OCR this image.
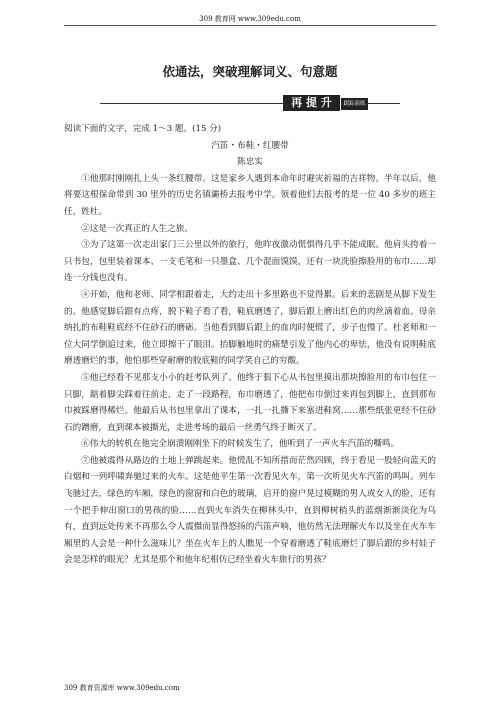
309 教育网 www.309edu.com
依通法，突破理解词义、句意题
再 提 升	跟踪演练

阅读下面的文字，完成 1～3 题。(15 分)

汽笛・布鞋・红腰带

陈忠实

①他那时刚刚扎上头一条红腰带。这是家乡人遇到本命年时避灾祈福的吉祥物。半年以后，他将要这根保命带到 30 里外的历史名镇灞桥去报考中学。领着他们去报考的是一位 40 多岁的班主任，姓杜。

②这是一次真正的人生之旅。

③为了这第一次走出家门三公里以外的旅行，他昨夜激动慌惧得几乎不能成眠。他肩头挎着一只书包，包里装着课本、一支毛笔和一只墨盒、几个混面馍馍，还有一块洗脸擦脸用的布巾……却连一分钱也没有。

④开始，他和老师、同学相跟着走，大约走出十多里路也不觉得累。后来的悲剧是从脚下发生的。他感觉脚后跟有点疼，脱下鞋子看了看，鞋底磨透了，脚后跟上磨出红色的肉丝滴着血。母亲纳扎的布鞋鞋底经不住砂石的磨砺。当他看到脚后跟上的血肉时便慌了，步子也慢了。杜老师和一位大同学倒追过来，他立即擦干了眼泪。抬脚触地时的痛楚引发了他内心的卑怯，他没有说明鞋底磨透磨烂的事，他怕那些穿耐磨的胶底鞋的同学笑自己的穷酸。

⑤他已经看不见那支小小的赶考队列了。他终于狠下心从书包里摸出那块擦脸用的布巾包住一只脚，踮着脚尖踩着往前走，走了一段路程，布巾磨透了，他把布巾倒过来再包到脚上，直到那布巾被踩磨得稀烂。他最后从书包里拿出了课本，一扎一扎撕下来塞进鞋窝……那些纸张更经不住砂石的蹭磨，直到课本被撕光，走进考场的最后一丝勇气终于断灭了。

⑥伟大的转机在他完全崩溃刚刚坐下的时候发生了，他听到了一声火车汽笛的嘶鸣。

⑦他被震得从路边的土地上弹跳起来。他慌乱不知所措而茫然四顾，终于看见一股轻向蓝天的白烟和一列呼啸奔驰过来的火车。这是他平生第一次看见火车，第一次听见火车汽笛的鸣叫。列车飞驰过去，绿色的车厢，绿色的窗窗和白色的玻璃，启开的窗户晃过模糊的男人或女人的脸，还有一个把手伸出窗口的男孩的脸……直到火车消失在柳林头中，直到柳树梢头的蓝烟渐渐淡化为乌有，直到远处传来不再那么令人震慑而显得悠扬的汽笛声响，他仿然无法理解火车以及坐在火车车厢里的人会是一种什么滋味儿？坐在火车上的人瞧见一个穿着磨透了鞋底磨烂了脚后跟的乡村娃子会是怎样的眼光？尤其是那个和他年纪相仿已经坐着火车旅行的男孩？

309 教育资源库 www.309edu.com
